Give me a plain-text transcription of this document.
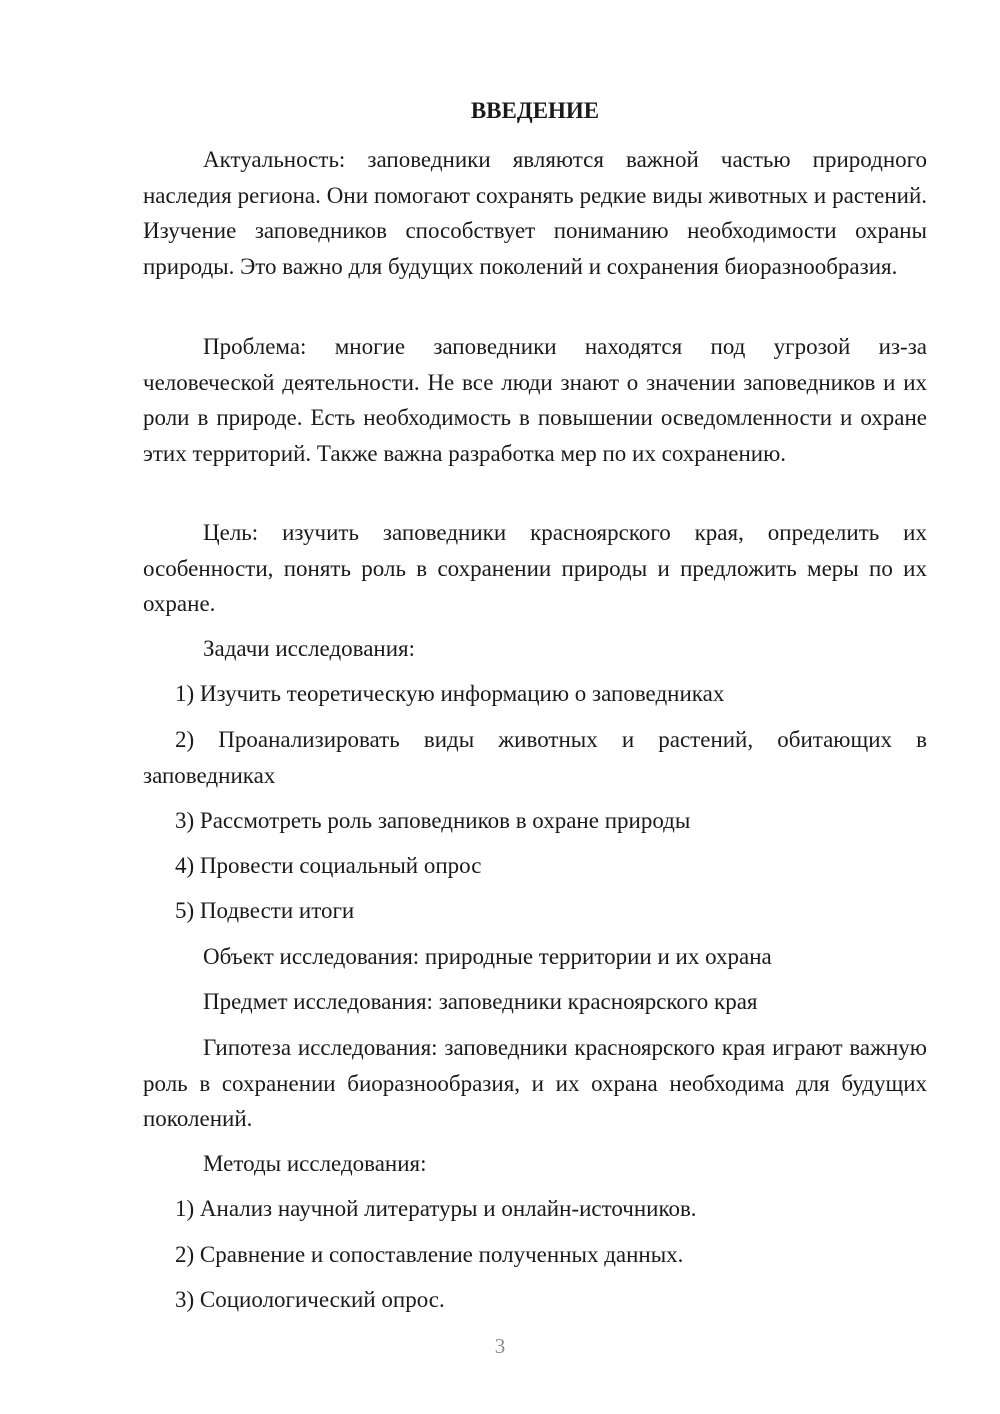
ВВЕДЕНИЕ

Актуальность: заповедники являются важной частью природного наследия региона. Они помогают сохранять редкие виды животных и растений. Изучение заповедников способствует пониманию необходимости охраны природы. Это важно для будущих поколений и сохранения биоразнообразия.

Проблема: многие заповедники находятся под угрозой из-за человеческой деятельности. Не все люди знают о значении заповедников и их роли в природе. Есть необходимость в повышении осведомленности и охране этих территорий. Также важна разработка мер по их сохранению.

Цель: изучить заповедники красноярского края, определить их особенности, понять роль в сохранении природы и предложить меры по их охране.

Задачи исследования:

1) Изучить теоретическую информацию о заповедниках

2) Проанализировать виды животных и растений, обитающих в заповедниках

3) Рассмотреть роль заповедников в охране природы

4) Провести социальный опрос

5) Подвести итоги

Объект исследования: природные территории и их охрана

Предмет исследования: заповедники красноярского края

Гипотеза исследования: заповедники красноярского края играют важную роль в сохранении биоразнообразия, и их охрана необходима для будущих поколений.

Методы исследования:

1) Анализ научной литературы и онлайн-источников.

2) Сравнение и сопоставление полученных данных.

3) Социологический опрос.

3
